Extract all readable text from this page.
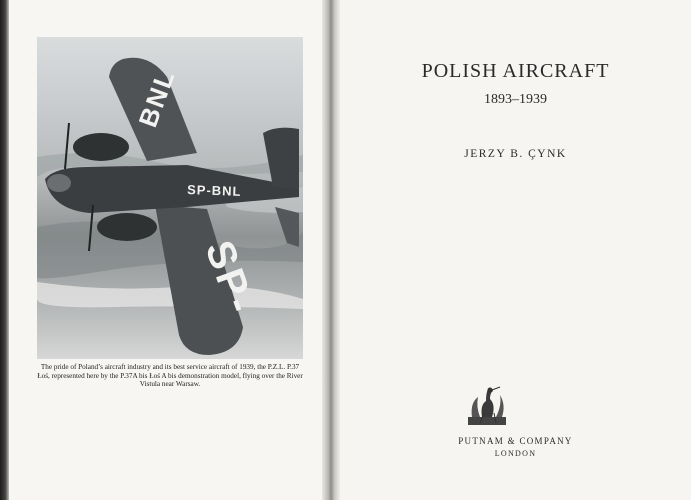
BNL
SP-BNL
SP-
The pride of Poland’s aircraft industry and its best service aircraft of 1939, the P.Z.L. P.37 Łoś, represented here by the P.37A bis Łoś A bis demonstration model, flying over the River Vistula near Warsaw.
POLISH AIRCRAFT
1893–1939
JERZY B. ÇYNK
PUTNAM & COMPANY
LONDON
